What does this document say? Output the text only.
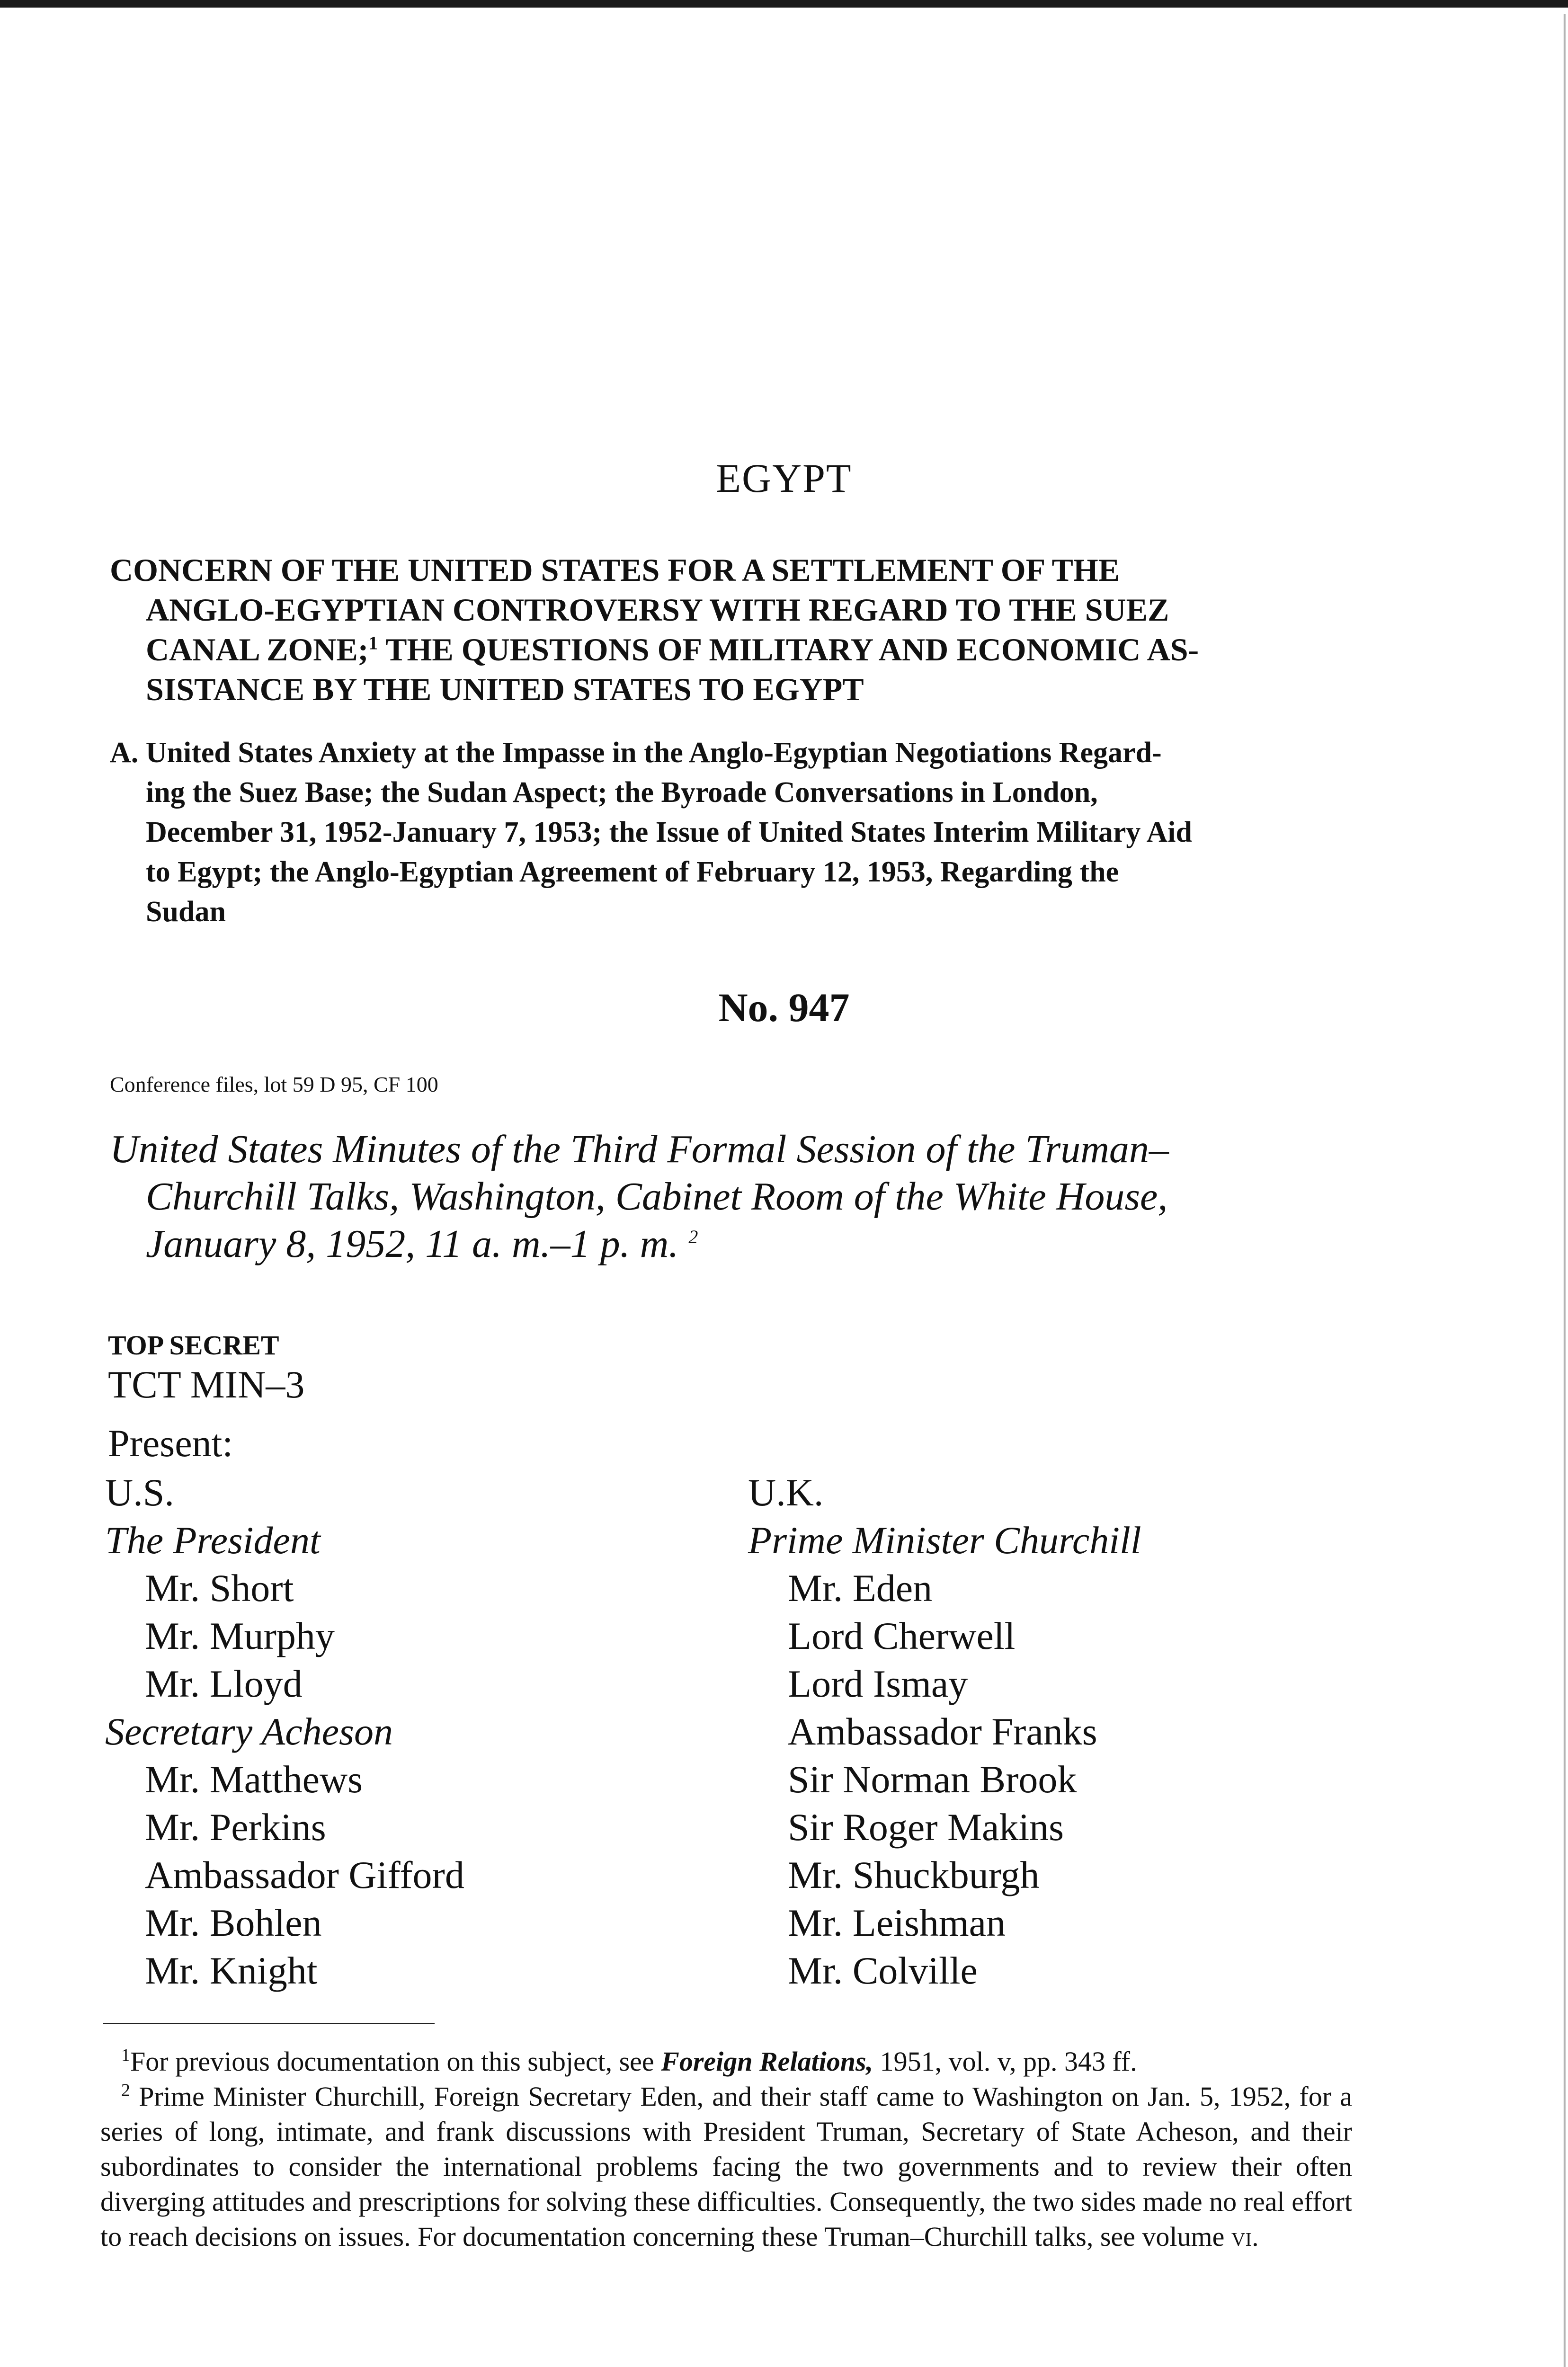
EGYPT

CONCERN OF THE UNITED STATES FOR A SETTLEMENT OF THE

ANGLO-EGYPTIAN CONTROVERSY WITH REGARD TO THE SUEZ

CANAL ZONE;$^1$ THE QUESTIONS OF MILITARY AND ECONOMIC AS-

SISTANCE BY THE UNITED STATES TO EGYPT

A. United States Anxiety at the Impasse in the Anglo-Egyptian Negotiations Regard-

ing the Suez Base; the Sudan Aspect; the Byroade Conversations in London,

December 31, 1952-January 7, 1953; the Issue of United States Interim Military Aid

to Egypt; the Anglo-Egyptian Agreement of February 12, 1953, Regarding the

Sudan

No. 947
Conference files, lot 59 D 95, CF 100

United States Minutes of the Third Formal Session of the Truman–

Churchill Talks, Washington, Cabinet Room of the White House,

January 8, 1952, 11 a. m.–1 p. m. $^2$

TOP SECRET
TCT MIN–3
Present:
U.S.
The President
Mr. Short
Mr. Murphy
Mr. Lloyd
Secretary Acheson
Mr. Matthews
Mr. Perkins
Ambassador Gifford
Mr. Bohlen
Mr. Knight
U.K.
Prime Minister Churchill
Mr. Eden
Lord Cherwell
Lord Ismay
Ambassador Franks
Sir Norman Brook
Sir Roger Makins
Mr. Shuckburgh
Mr. Leishman
Mr. Colville

$^1$For previous documentation on this subject, see Foreign Relations, 1951, vol. v, pp. 343 ff.

$^2$ Prime Minister Churchill, Foreign Secretary Eden, and their staff came to Washington on Jan. 5, 1952, for a series of long, intimate, and frank discussions with President Truman, Secretary of State Acheson, and their subordinates to consider the international problems facing the two governments and to review their often diverging attitudes and prescriptions for solving these difficulties. Consequently, the two sides made no real effort to reach decisions on issues. For documentation concerning these Truman–Churchill talks, see volume vi.
